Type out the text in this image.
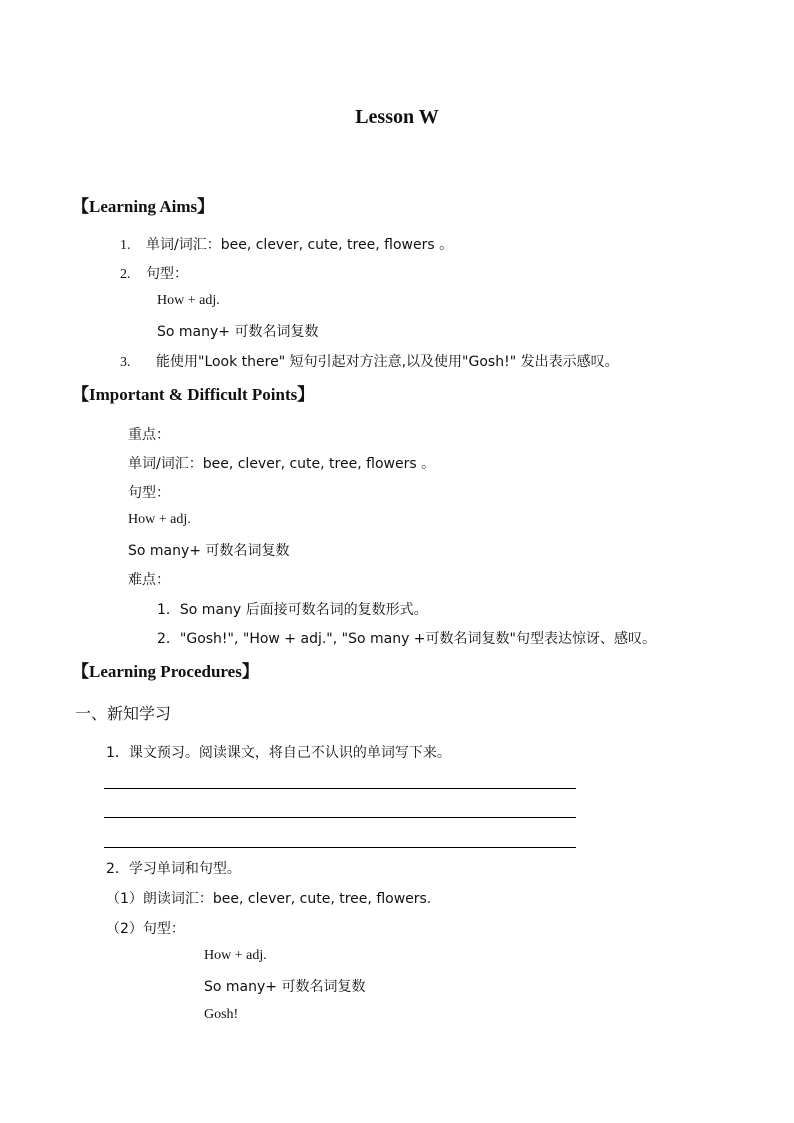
Lesson W
【Learning Aims】
1. 单词/词汇：bee, clever, cute, tree, flowers 。
2. 句型：
How + adj.
So many+ 可数名词复数
3. 能使用"Look there" 短句引起对方注意,以及使用"Gosh!" 发出表示感叹。
【Important & Difficult Points】
重点：
单词/词汇：bee, clever, cute, tree, flowers 。
句型：
How + adj.
So many+ 可数名词复数
难点：
1．So many 后面接可数名词的复数形式。
2．"Gosh!", "How + adj.", "So many +可数名词复数"句型表达惊讶、感叹。
【Learning Procedures】
一、新知学习
1．课文预习。阅读课文，将自己不认识的单词写下来。
2．学习单词和句型。
（1）朗读词汇：bee, clever, cute, tree, flowers.
（2）句型：
How + adj.
So many+ 可数名词复数
Gosh!
